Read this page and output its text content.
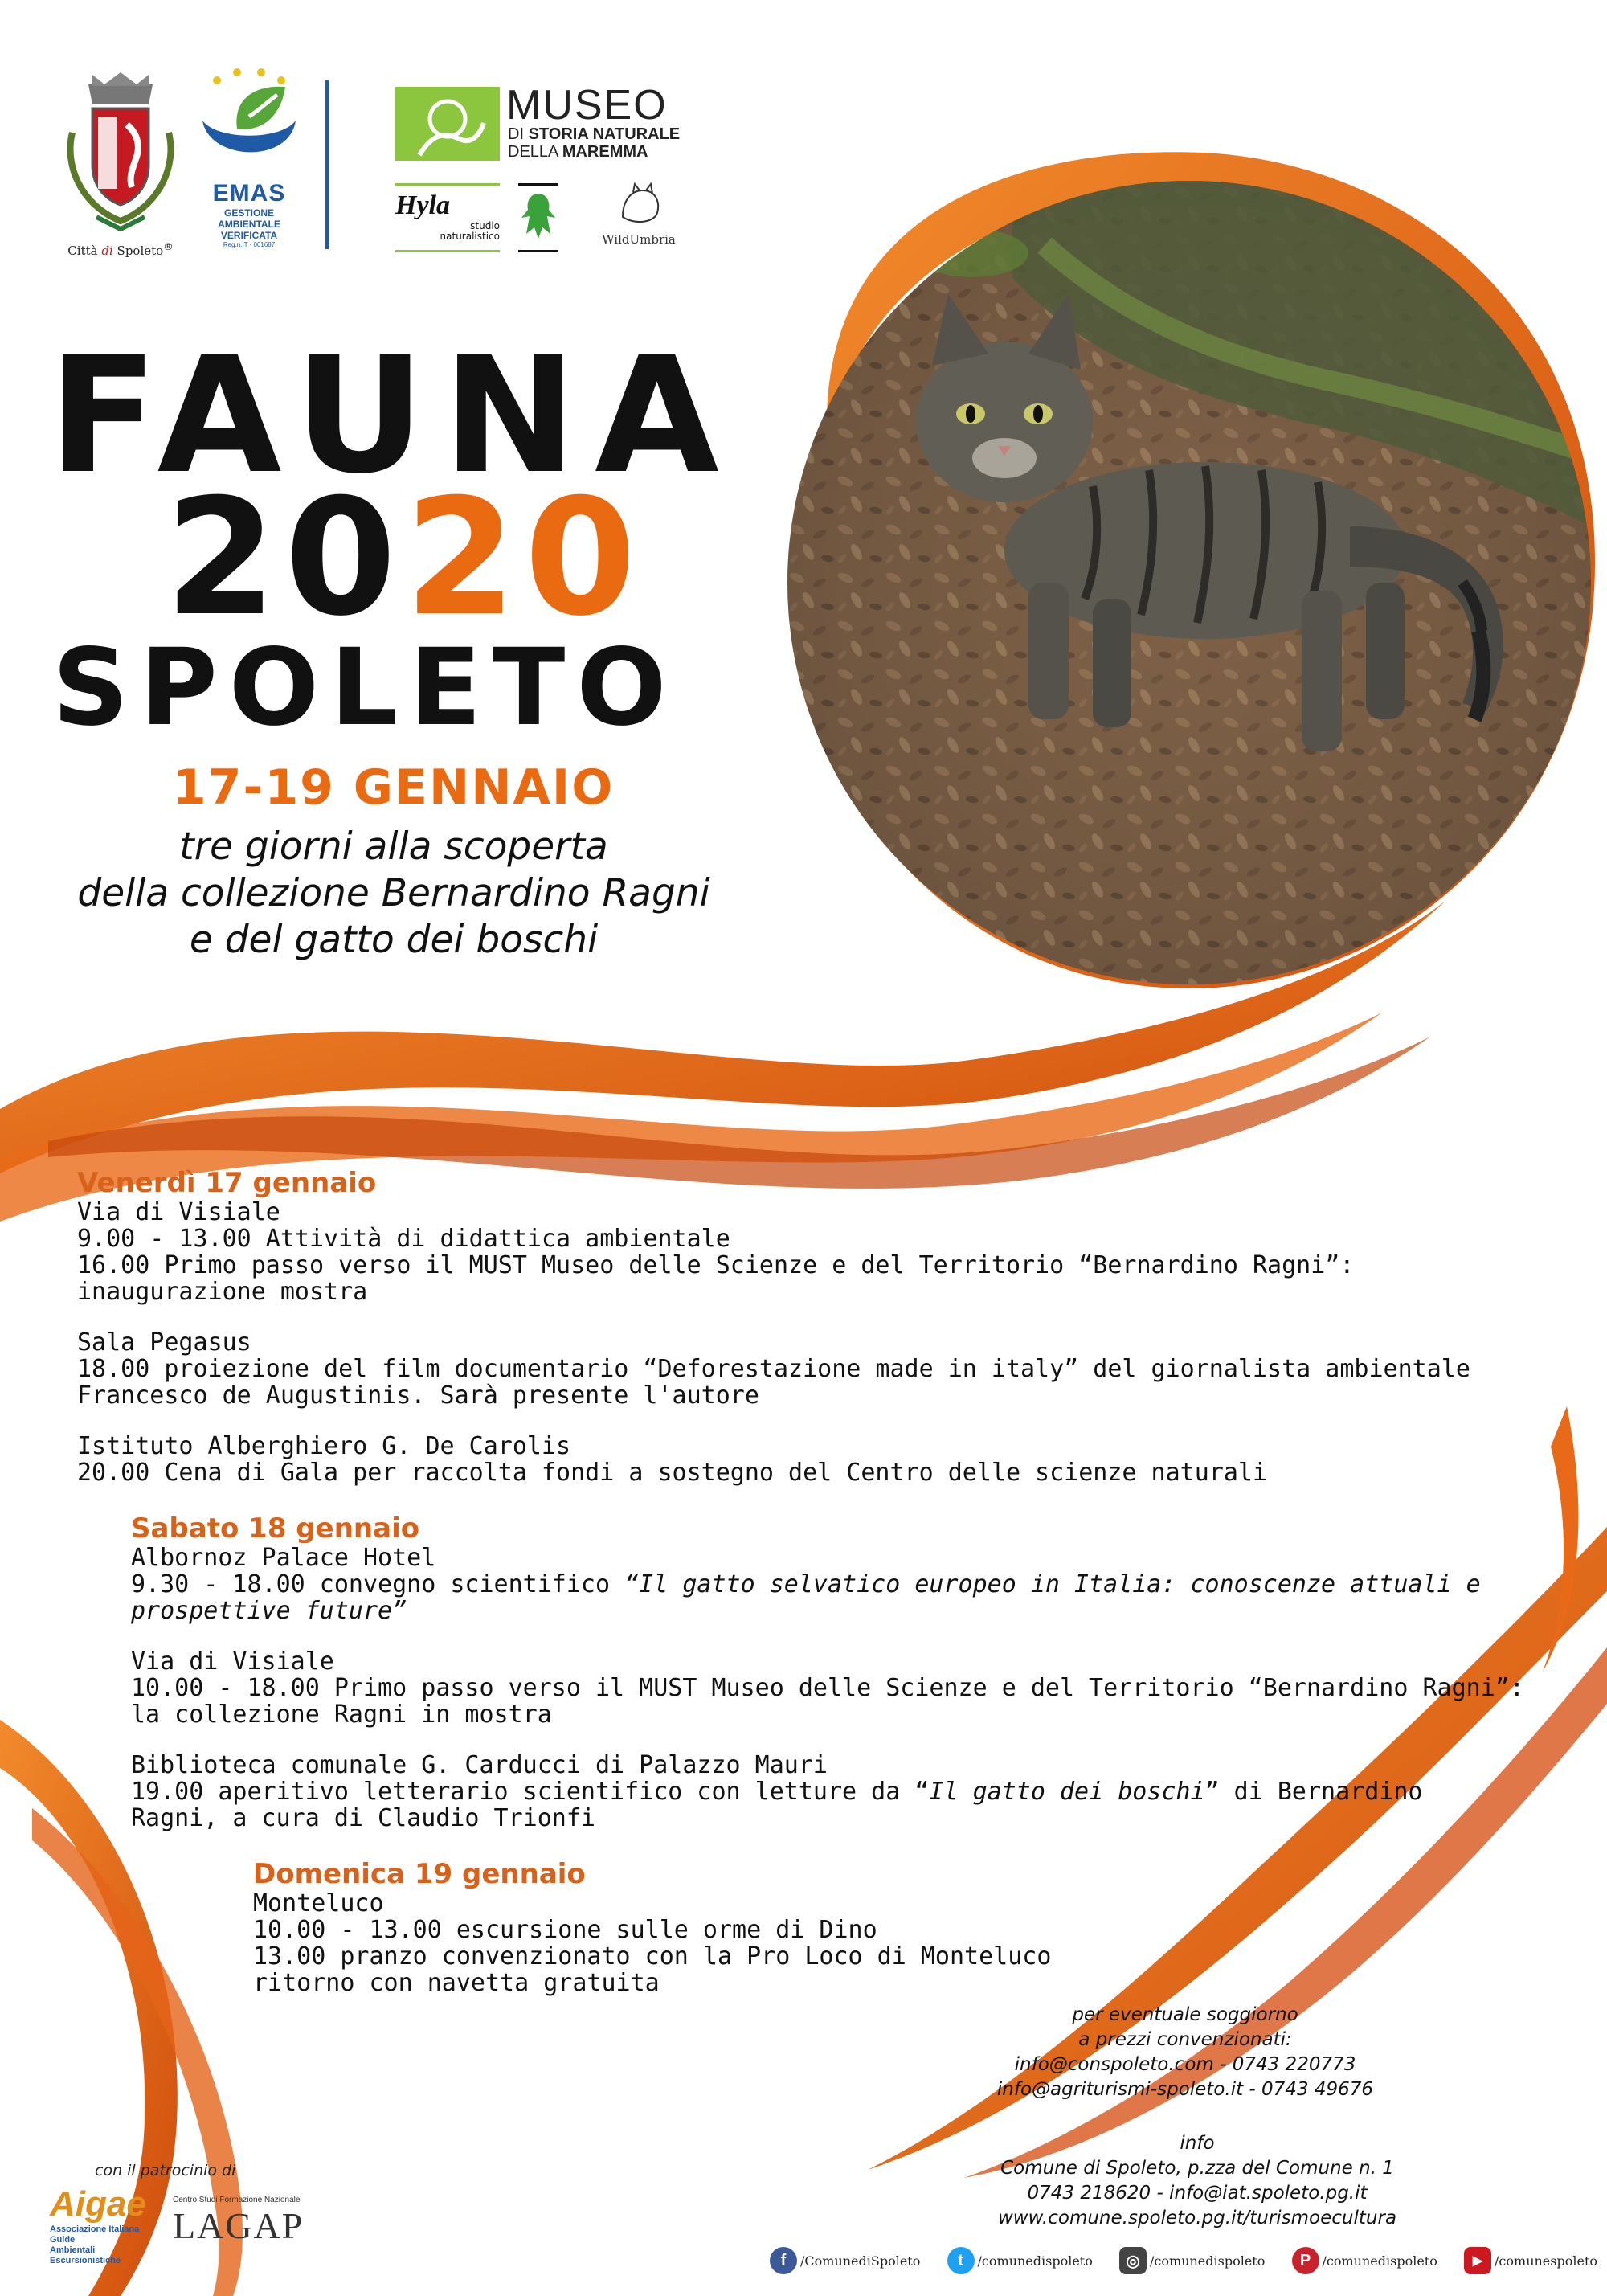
Città di Spoleto®
EMAS
GESTIONE AMBIENTALE
VERIFICATA
Reg.n.IT - 001687
MUSEO
DI STORIA NATURALE
DELLA MAREMMA
Hyla
studio
naturalistico	WildUmbria
FAUNA
2020
SPOLETO
17-19 GENNAIO
tre giorni alla scoperta
della collezione Bernardino Ragni
e del gatto dei boschi
Venerdì 17 gennaio
Via di Visiale
9.00 - 13.00 Attività di didattica ambientale
16.00 Primo passo verso il MUST Museo delle Scienze e del Territorio “Bernardino Ragni”:
inaugurazione mostra
Sala Pegasus
18.00 proiezione del film documentario “Deforestazione made in italy” del giornalista ambientale
Francesco de Augustinis. Sarà presente l'autore
Istituto Alberghiero G. De Carolis
20.00 Cena di Gala per raccolta fondi a sostegno del Centro delle scienze naturali
Sabato 18 gennaio
Albornoz Palace Hotel
9.30 - 18.00 convegno scientifico “Il gatto selvatico europeo in Italia: conoscenze attuali e
prospettive future”
Via di Visiale
10.00 - 18.00 Primo passo verso il MUST Museo delle Scienze e del Territorio “Bernardino Ragni”:
la collezione Ragni in mostra
Biblioteca comunale G. Carducci di Palazzo Mauri
19.00 aperitivo letterario scientifico con letture da “Il gatto dei boschi” di Bernardino
Ragni, a cura di Claudio Trionfi
Domenica 19 gennaio
Monteluco
10.00 - 13.00 escursione sulle orme di Dino
13.00 pranzo convenzionato con la Pro Loco di Monteluco
ritorno con navetta gratuita
per eventuale soggiorno
a prezzi convenzionati:
info@conspoleto.com - 0743 220773
info@agriturismi-spoleto.it - 0743 49676
info
Comune di Spoleto, p.zza del Comune n. 1
0743 218620 - info@iat.spoleto.pg.it
www.comune.spoleto.pg.it/turismoecultura
f	/ComunediSpoleto	t	/comunedispoleto	◎ /comunedispoleto	P /comunedispoleto	▶ /comunespoleto
con il patrocinio di
Aigae
Associazione Italiana Guide
Ambientali Escursionistiche
Centro Studi Formazione Nazionale
LAGAP
